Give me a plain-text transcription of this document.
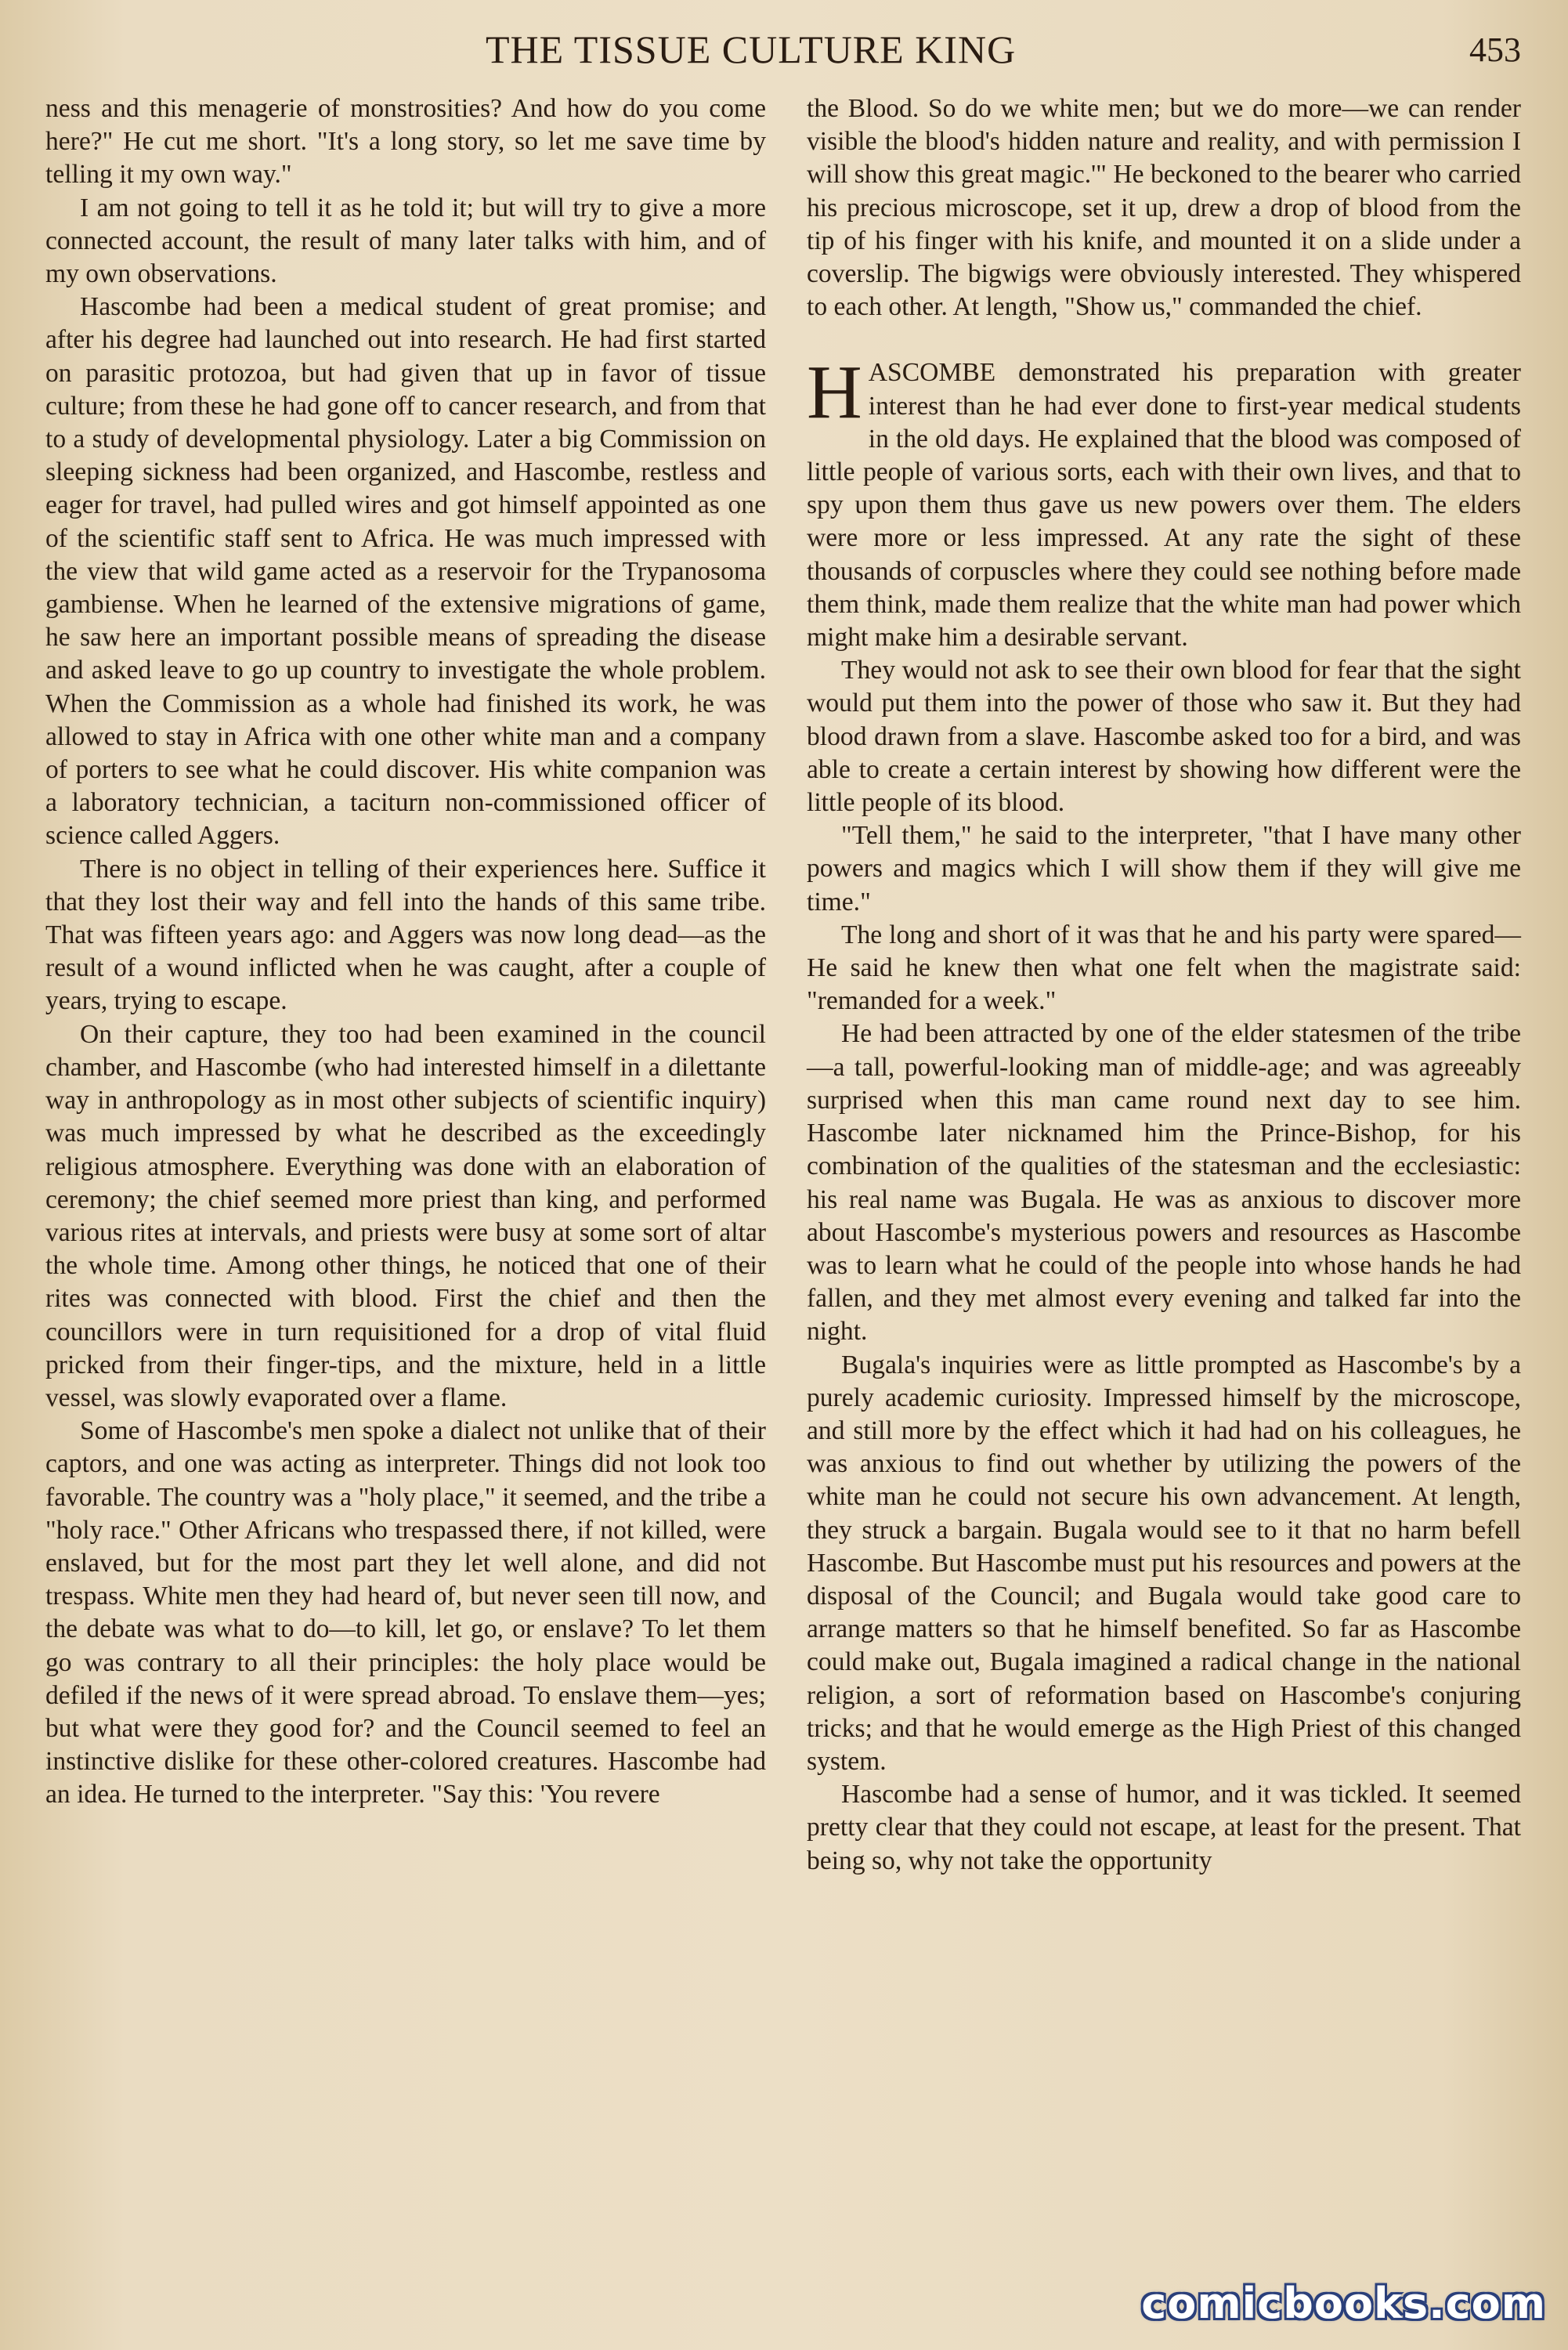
THE TISSUE CULTURE KING	453

ness and this menagerie of monstrosities? And how do you come here?" He cut me short. "It's a long story, so let me save time by telling it my own way."

I am not going to tell it as he told it; but will try to give a more connected account, the result of many later talks with him, and of my own observations.

Hascombe had been a medical student of great promise; and after his degree had launched out into research. He had first started on parasitic protozoa, but had given that up in favor of tissue culture; from these he had gone off to cancer research, and from that to a study of developmental physiology. Later a big Commission on sleeping sickness had been organized, and Hascombe, restless and eager for travel, had pulled wires and got himself appointed as one of the scientific staff sent to Africa. He was much impressed with the view that wild game acted as a reservoir for the Trypanosoma gambiense. When he learned of the extensive migrations of game, he saw here an important possible means of spreading the disease and asked leave to go up country to investigate the whole problem. When the Commission as a whole had finished its work, he was allowed to stay in Africa with one other white man and a company of porters to see what he could discover. His white companion was a laboratory technician, a taciturn non-commissioned officer of science called Aggers.

There is no object in telling of their experiences here. Suffice it that they lost their way and fell into the hands of this same tribe. That was fifteen years ago: and Aggers was now long dead—as the result of a wound inflicted when he was caught, after a couple of years, trying to escape.

On their capture, they too had been examined in the council chamber, and Hascombe (who had interested himself in a dilettante way in anthropology as in most other subjects of scientific inquiry) was much impressed by what he described as the exceedingly religious atmosphere. Everything was done with an elaboration of ceremony; the chief seemed more priest than king, and performed various rites at intervals, and priests were busy at some sort of altar the whole time. Among other things, he noticed that one of their rites was connected with blood. First the chief and then the councillors were in turn requisitioned for a drop of vital fluid pricked from their finger-tips, and the mixture, held in a little vessel, was slowly evaporated over a flame.

Some of Hascombe's men spoke a dialect not unlike that of their captors, and one was acting as interpreter. Things did not look too favorable. The country was a "holy place," it seemed, and the tribe a "holy race." Other Africans who trespassed there, if not killed, were enslaved, but for the most part they let well alone, and did not trespass. White men they had heard of, but never seen till now, and the debate was what to do—to kill, let go, or enslave? To let them go was contrary to all their principles: the holy place would be defiled if the news of it were spread abroad. To enslave them—yes; but what were they good for? and the Council seemed to feel an instinctive dislike for these other-colored creatures. Hascombe had an idea. He turned to the interpreter. "Say this: 'You revere

the Blood. So do we white men; but we do more—we can render visible the blood's hidden nature and reality, and with permission I will show this great magic.'" He beckoned to the bearer who carried his precious microscope, set it up, drew a drop of blood from the tip of his finger with his knife, and mounted it on a slide under a coverslip. The bigwigs were obviously interested. They whispered to each other. At length, "Show us," commanded the chief.

HASCOMBE demonstrated his preparation with greater interest than he had ever done to first-year medical students in the old days. He explained that the blood was composed of little people of various sorts, each with their own lives, and that to spy upon them thus gave us new powers over them. The elders were more or less impressed. At any rate the sight of these thousands of corpuscles where they could see nothing before made them think, made them realize that the white man had power which might make him a desirable servant.

They would not ask to see their own blood for fear that the sight would put them into the power of those who saw it. But they had blood drawn from a slave. Hascombe asked too for a bird, and was able to create a certain interest by showing how different were the little people of its blood.

"Tell them," he said to the interpreter, "that I have many other powers and magics which I will show them if they will give me time."

The long and short of it was that he and his party were spared—He said he knew then what one felt when the magistrate said: "remanded for a week."

He had been attracted by one of the elder statesmen of the tribe—a tall, powerful-looking man of middle-age; and was agreeably surprised when this man came round next day to see him. Hascombe later nicknamed him the Prince-Bishop, for his combination of the qualities of the statesman and the ecclesiastic: his real name was Bugala. He was as anxious to discover more about Hascombe's mysterious powers and resources as Hascombe was to learn what he could of the people into whose hands he had fallen, and they met almost every evening and talked far into the night.

Bugala's inquiries were as little prompted as Hascombe's by a purely academic curiosity. Impressed himself by the microscope, and still more by the effect which it had had on his colleagues, he was anxious to find out whether by utilizing the powers of the white man he could not secure his own advancement. At length, they struck a bargain. Bugala would see to it that no harm befell Hascombe. But Hascombe must put his resources and powers at the disposal of the Council; and Bugala would take good care to arrange matters so that he himself benefited. So far as Hascombe could make out, Bugala imagined a radical change in the national religion, a sort of reformation based on Hascombe's conjuring tricks; and that he would emerge as the High Priest of this changed system.

Hascombe had a sense of humor, and it was tickled. It seemed pretty clear that they could not escape, at least for the present. That being so, why not take the opportunity

comicbooks.com
